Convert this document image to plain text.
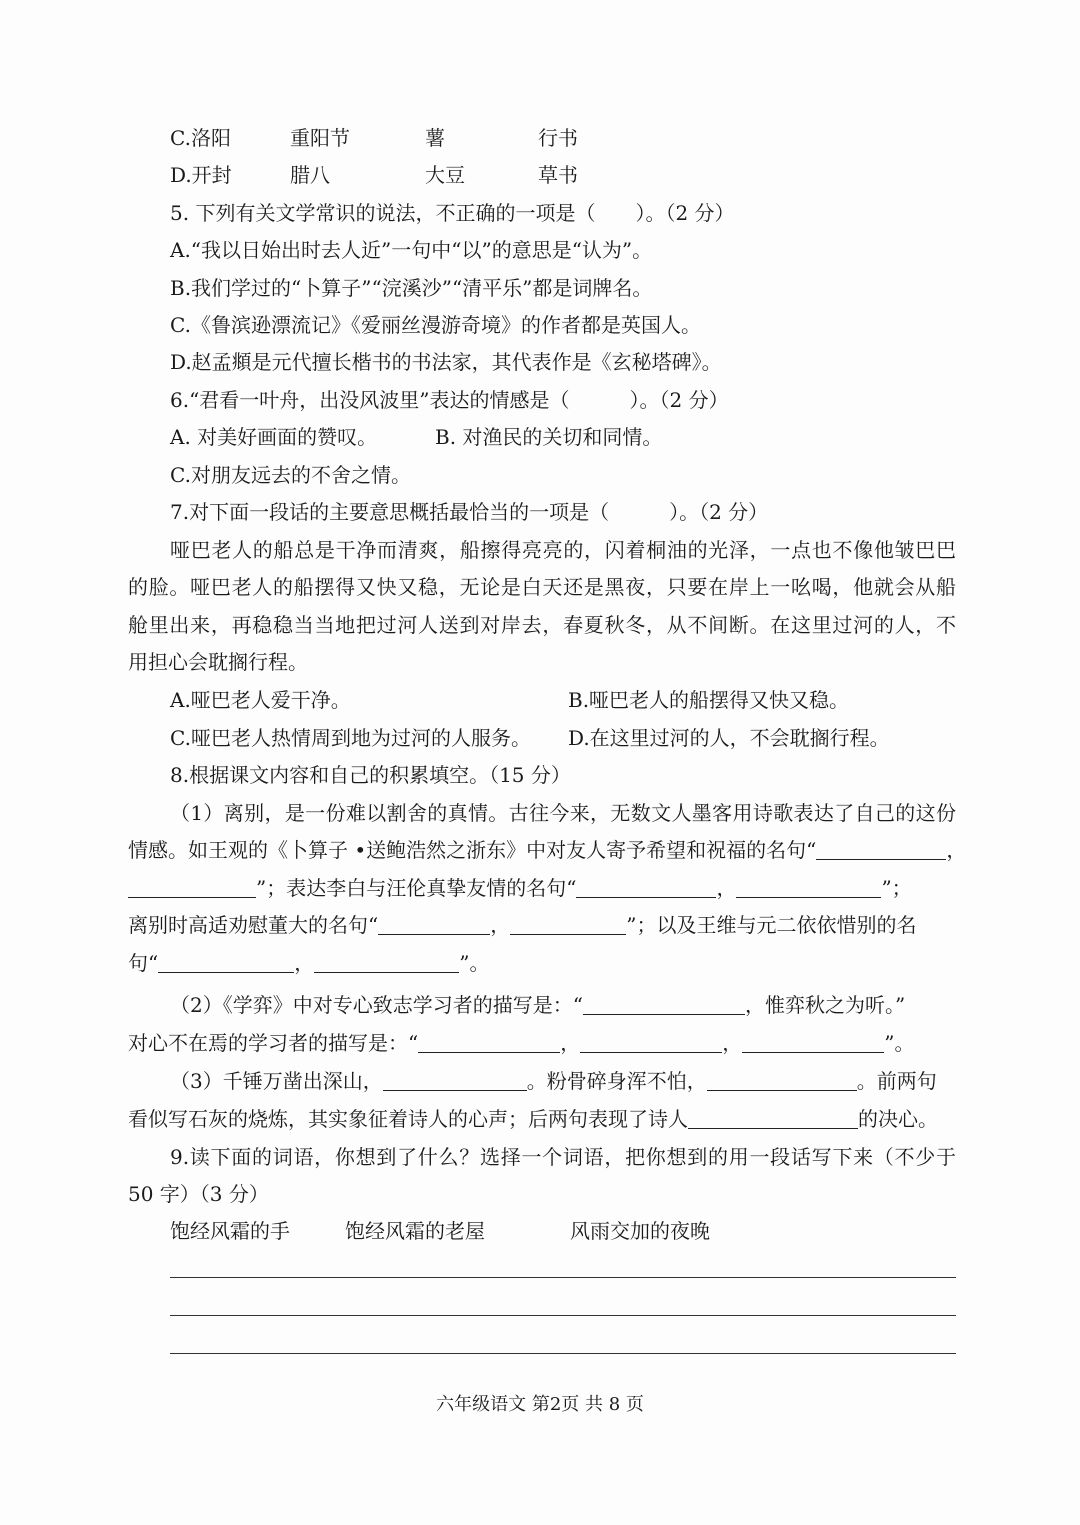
C.洛阳	重阳节	薯	行书
D.开封	腊八	大豆	草书
5. 下列有关文学常识的说法，不正确的一项是（　　）。（2 分）
A.“我以日始出时去人近”一句中“以”的意思是“认为”。
B.我们学过的“卜算子”“浣溪沙”“清平乐”都是词牌名。
C.《鲁滨逊漂流记》《爱丽丝漫游奇境》的作者都是英国人。
D.赵孟頫是元代擅长楷书的书法家，其代表作是《玄秘塔碑》。
6.“君看一叶舟，出没风波里”表达的情感是（　　　）。（2 分）
A. 对美好画面的赞叹。	B. 对渔民的关切和同情。
C.对朋友远去的不舍之情。
7.对下面一段话的主要意思概括最恰当的一项是（　　　）。（2 分）
哑巴老人的船总是干净而清爽，船擦得亮亮的，闪着桐油的光泽，一点也不像他皱巴巴
的脸。哑巴老人的船摆得又快又稳，无论是白天还是黑夜，只要在岸上一吆喝，他就会从船
舱里出来，再稳稳当当地把过河人送到对岸去，春夏秋冬，从不间断。在这里过河的人，不
用担心会耽搁行程。
A.哑巴老人爱干净。	B.哑巴老人的船摆得又快又稳。
C.哑巴老人热情周到地为过河的人服务。 D.在这里过河的人，不会耽搁行程。
8.根据课文内容和自己的积累填空。（15 分）
（1）离别，是一份难以割舍的真情。古往今来，无数文人墨客用诗歌表达了自己的这份
情感。如王观的《卜算子 •送鲍浩然之浙东》中对友人寄予希望和祝福的名句“	，
”；表达李白与汪伦真挚友情的名句“	，	”；
离别时高适劝慰董大的名句“	，	”；以及王维与元二依依惜别的名
句“	，	”。
（2）《学弈》中对专心致志学习者的描写是：“	，惟弈秋之为听。”
对心不在焉的学习者的描写是：“	，	，	”。
（3）千锤万凿出深山，	。粉骨碎身浑不怕，	。前两句
看似写石灰的烧炼，其实象征着诗人的心声；后两句表现了诗人	的决心。
9.读下面的词语，你想到了什么？选择一个词语，把你想到的用一段话写下来（不少于
50 字）（3 分）
饱经风霜的手	饱经风霜的老屋	风雨交加的夜晚
六年级语文 第2页 共 8 页
